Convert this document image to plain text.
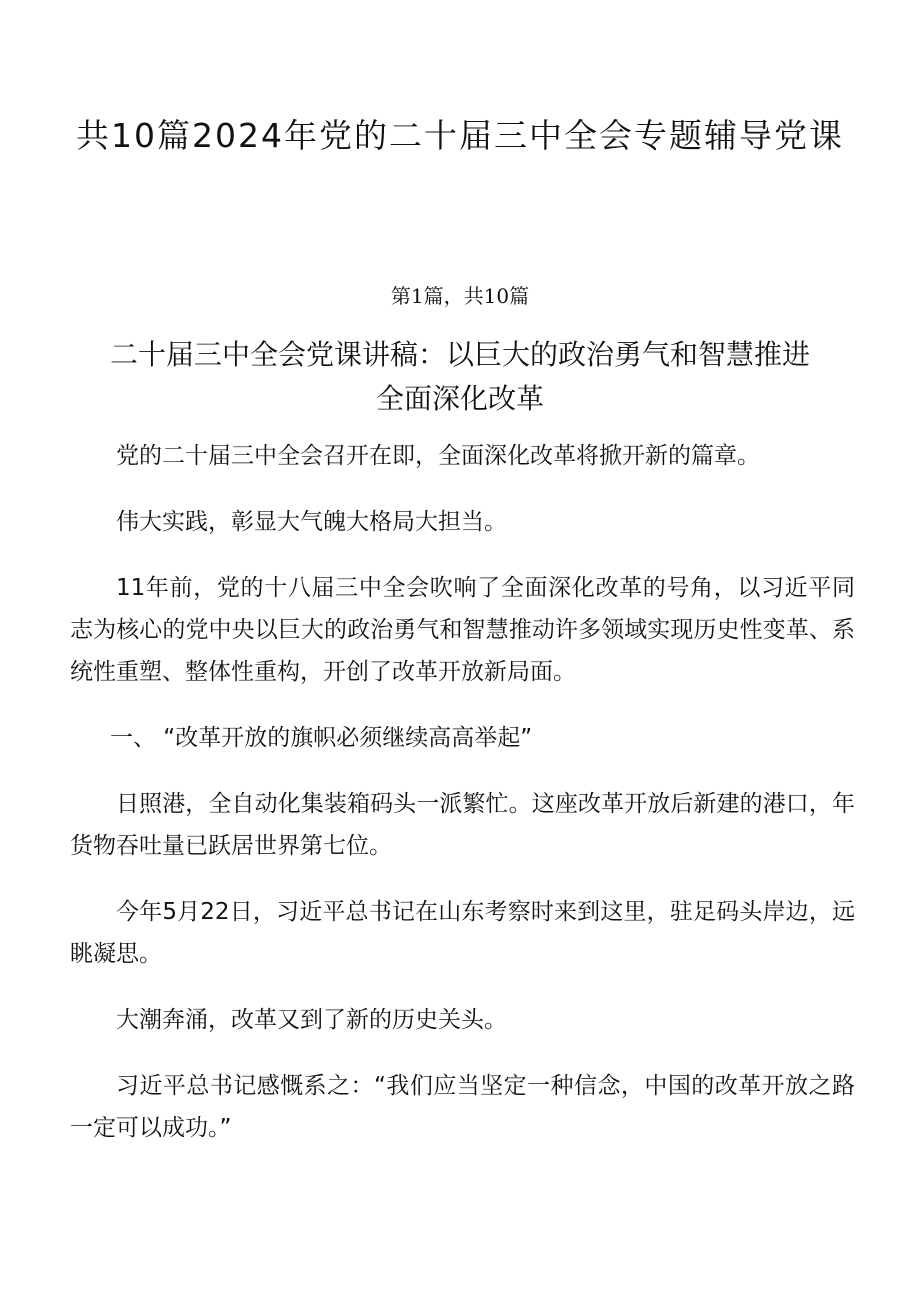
共10篇2024年党的二十届三中全会专题辅导党课
第1篇，共10篇
二十届三中全会党课讲稿：以巨大的政治勇气和智慧推进全面深化改革

党的二十届三中全会召开在即，全面深化改革将掀开新的篇章。

伟大实践，彰显大气魄大格局大担当。

11年前，党的十八届三中全会吹响了全面深化改革的号角，以习近平同志为核心的党中央以巨大的政治勇气和智慧推动许多领域实现历史性变革、系统性重塑、整体性重构，开创了改革开放新局面。

一、 “改革开放的旗帜必须继续高高举起”

日照港，全自动化集装箱码头一派繁忙。这座改革开放后新建的港口，年货物吞吐量已跃居世界第七位。

今年5月22日，习近平总书记在山东考察时来到这里，驻足码头岸边，远眺凝思。

大潮奔涌，改革又到了新的历史关头。

习近平总书记感慨系之：“我们应当坚定一种信念，中国的改革开放之路一定可以成功。”
